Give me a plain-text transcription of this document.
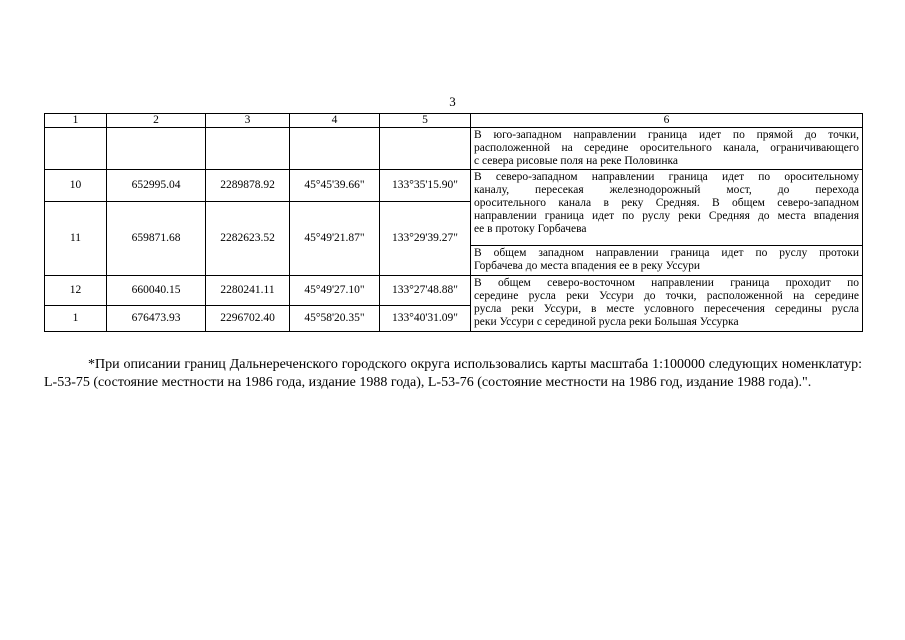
3
1	2	3	4	5	6

					В юго-западном направлении граница идет по прямой до точки,
расположенной на середине оросительного канала, ограничивающего
с севера рисовые поля на реке Половинка

10	652995.04	2289878.92	45°45'39.66"	133°35'15.90"	В северо-западном направлении граница идет по оросительному
каналу, пересекая железнодорожный мост, до перехода
оросительного канала в реку Средняя. В общем северо-западном
направлении граница идет по руслу реки Средняя до места впадения
ее в протоку Горбачева

11	659871.68	2282623.52	45°49'21.87"	133°29'39.27"	

					В общем западном направлении граница идет по руслу протоки
Горбачева до места впадения ее в реку Уссури

12	660040.15	2280241.11	45°49'27.10"	133°27'48.88"	В общем северо-восточном направлении граница проходит по
середине русла реки Уссури до точки, расположенной на середине
русла реки Уссури, в месте условного пересечения середины русла
реки Уссури с серединой русла реки Большая Уссурка

1	676473.93	2296702.40	45°58'20.35"	133°40'31.09"	

*При описании границ Дальнереченского городского округа использовались карты масштаба 1:100000 следующих номенклатур: L-53-75 (состояние местности на 1986 года, издание 1988 года), L-53-76 (состояние местности на 1986 год, издание 1988 года).".
